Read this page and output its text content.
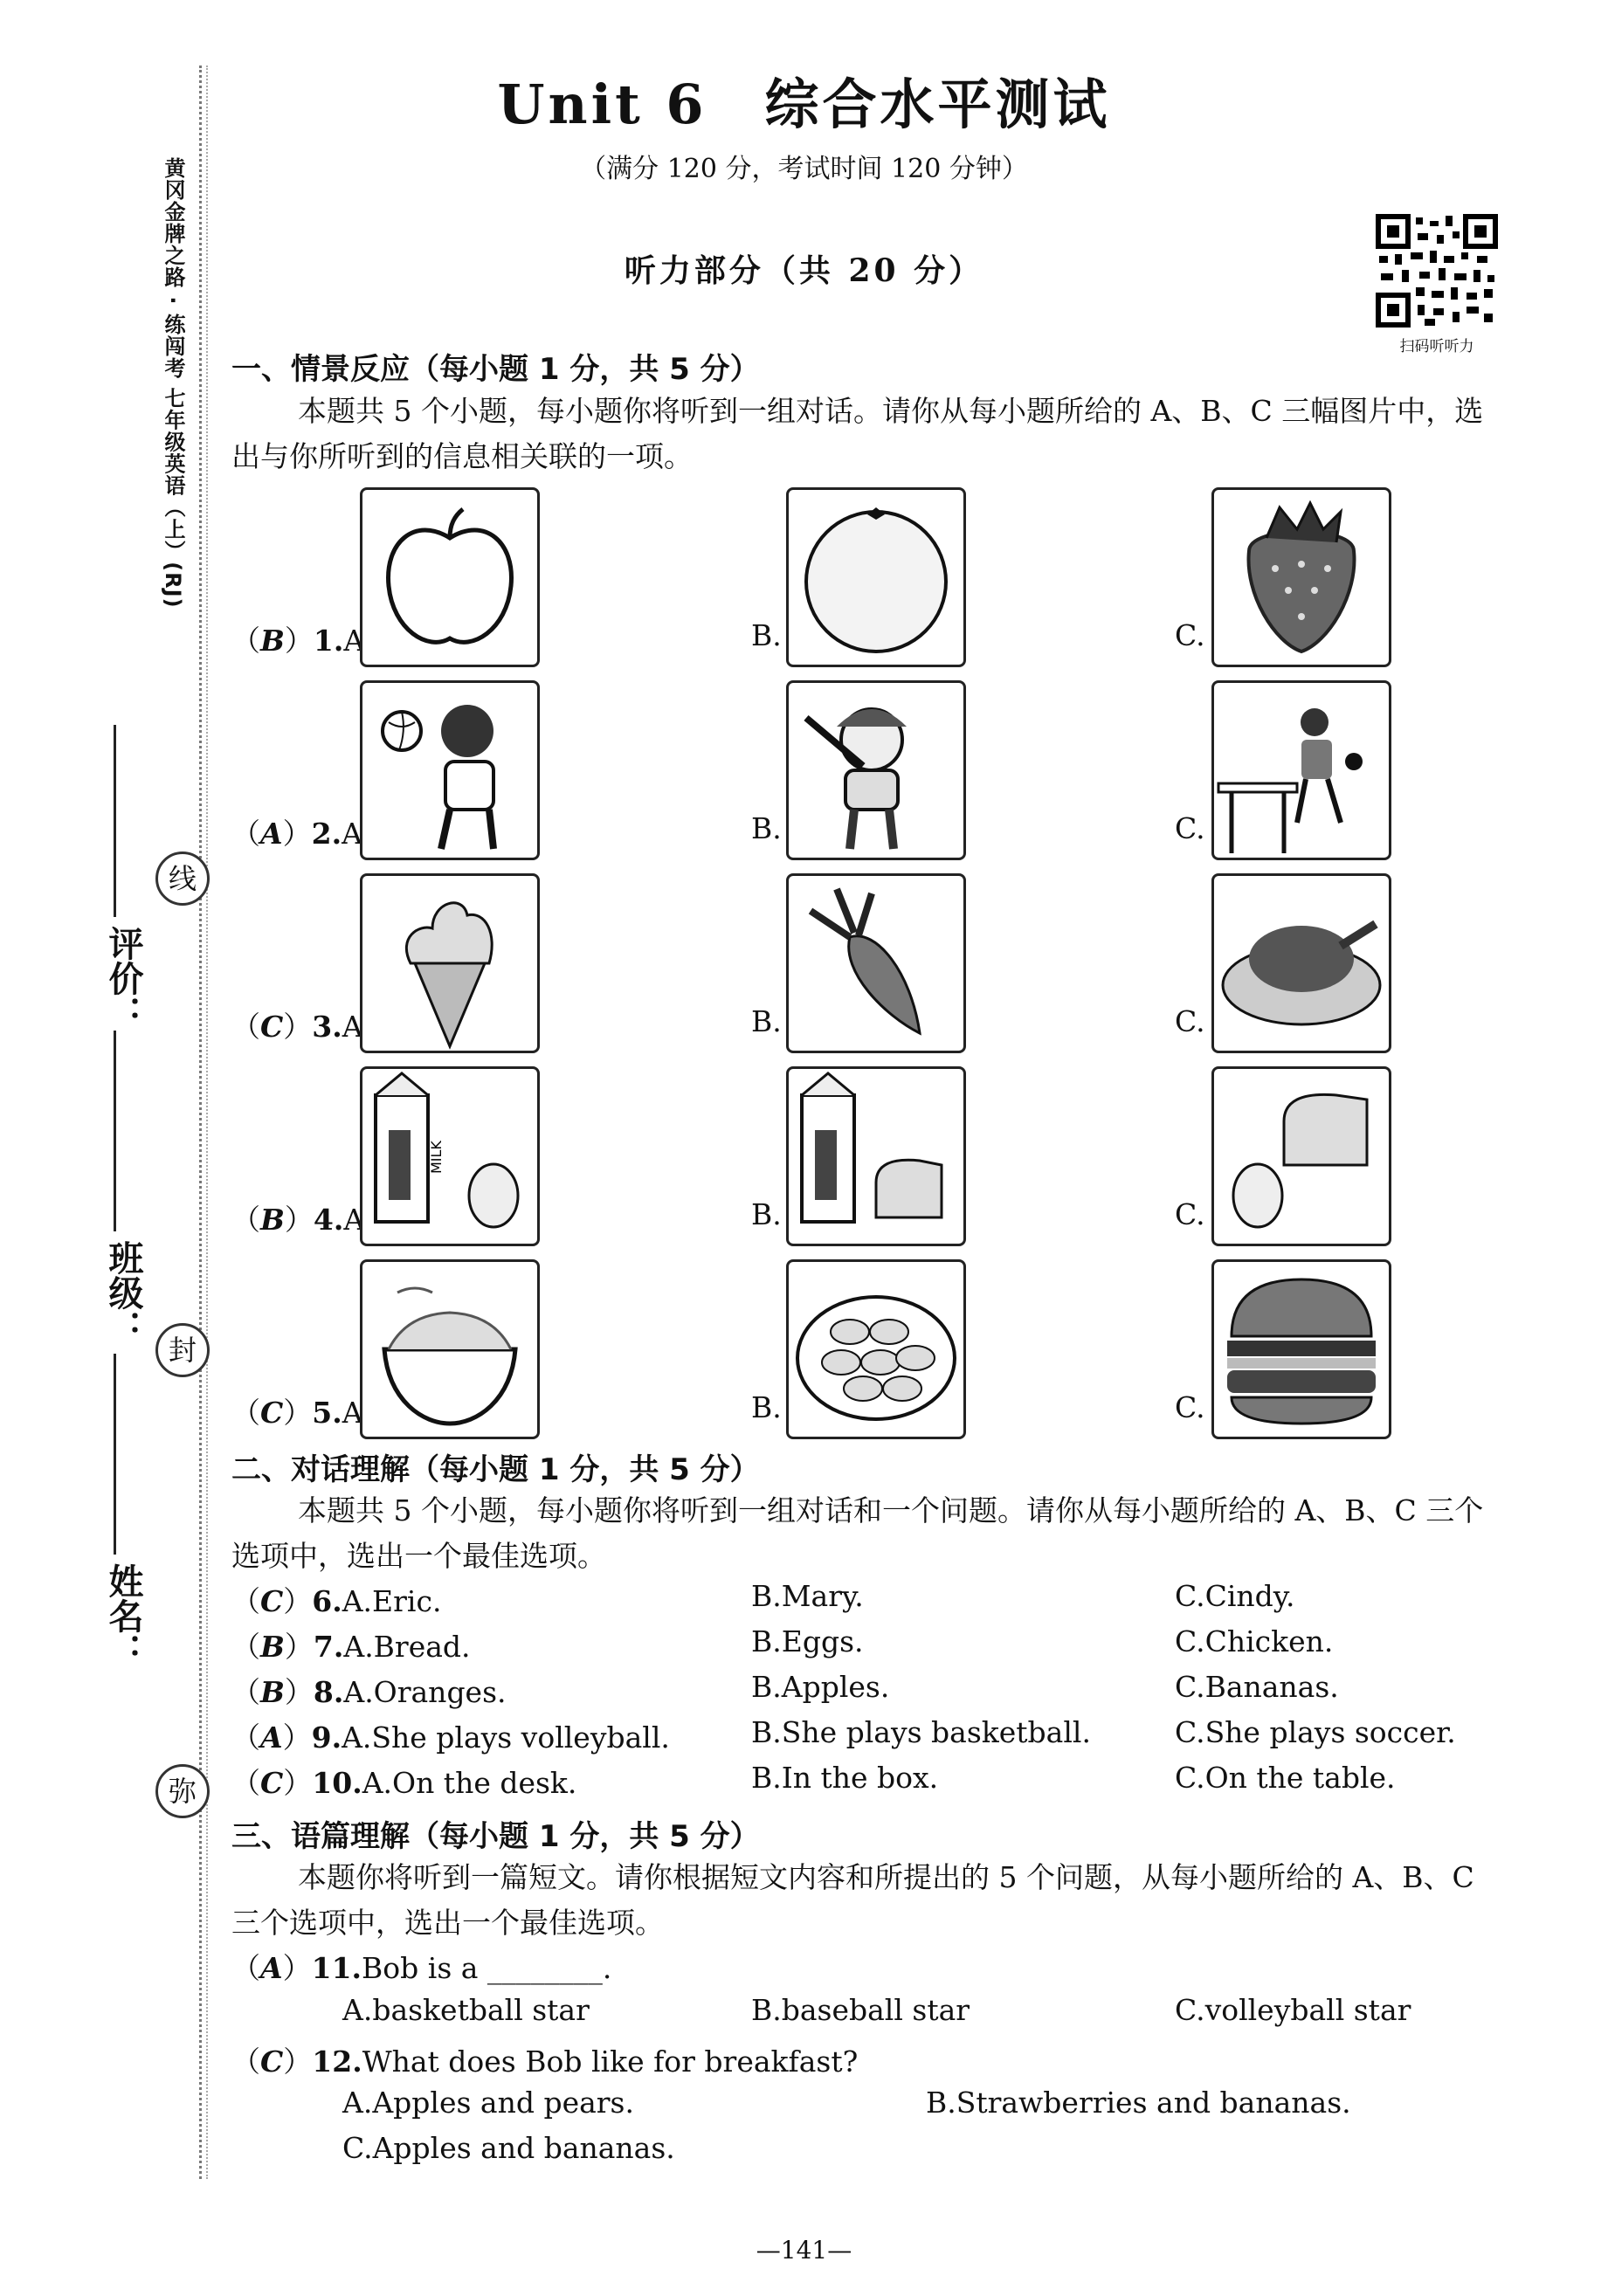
Unit 6　综合水平测试
（满分 120 分，考试时间 120 分钟）
听力部分（共 20 分）
扫码听听力
黄冈金牌之路 · 练闯考 七年级英语（上）(RJ)
线
封
弥
评价：
班级：
姓名：
一、情景反应（每小题 1 分，共 5 分）
本题共 5 个小题，每小题你将听到一组对话。请你从每小题所给的 A、B、C 三幅图片中，选出与你所听到的信息相关联的一项。
（B）1.A.	B.	C.
（A）2.A.	B.	C.
（C）3.A.	B.	C.
（B）4.A.	B.	C.
MILK
（C）5.A.	B.	C.
二、对话理解（每小题 1 分，共 5 分）
本题共 5 个小题，每小题你将听到一组对话和一个问题。请你从每小题所给的 A、B、C 三个选项中，选出一个最佳选项。
（C）6.A.Eric.	B.Mary.	C.Cindy.
（B）7.A.Bread.	B.Eggs.	C.Chicken.
（B）8.A.Oranges.	B.Apples.	C.Bananas.
（A）9.A.She plays volleyball.	B.She plays basketball.	C.She plays soccer.
（C）10.A.On the desk.	B.In the box.	C.On the table.
三、语篇理解（每小题 1 分，共 5 分）
本题你将听到一篇短文。请你根据短文内容和所提出的 5 个问题，从每小题所给的 A、B、C 三个选项中，选出一个最佳选项。
（A）11.Bob is a ________.
A.basketball star	B.baseball star	C.volleyball star
（C）12.What does Bob like for breakfast?
A.Apples and pears.	B.Strawberries and bananas.
C.Apples and bananas.
—141—
